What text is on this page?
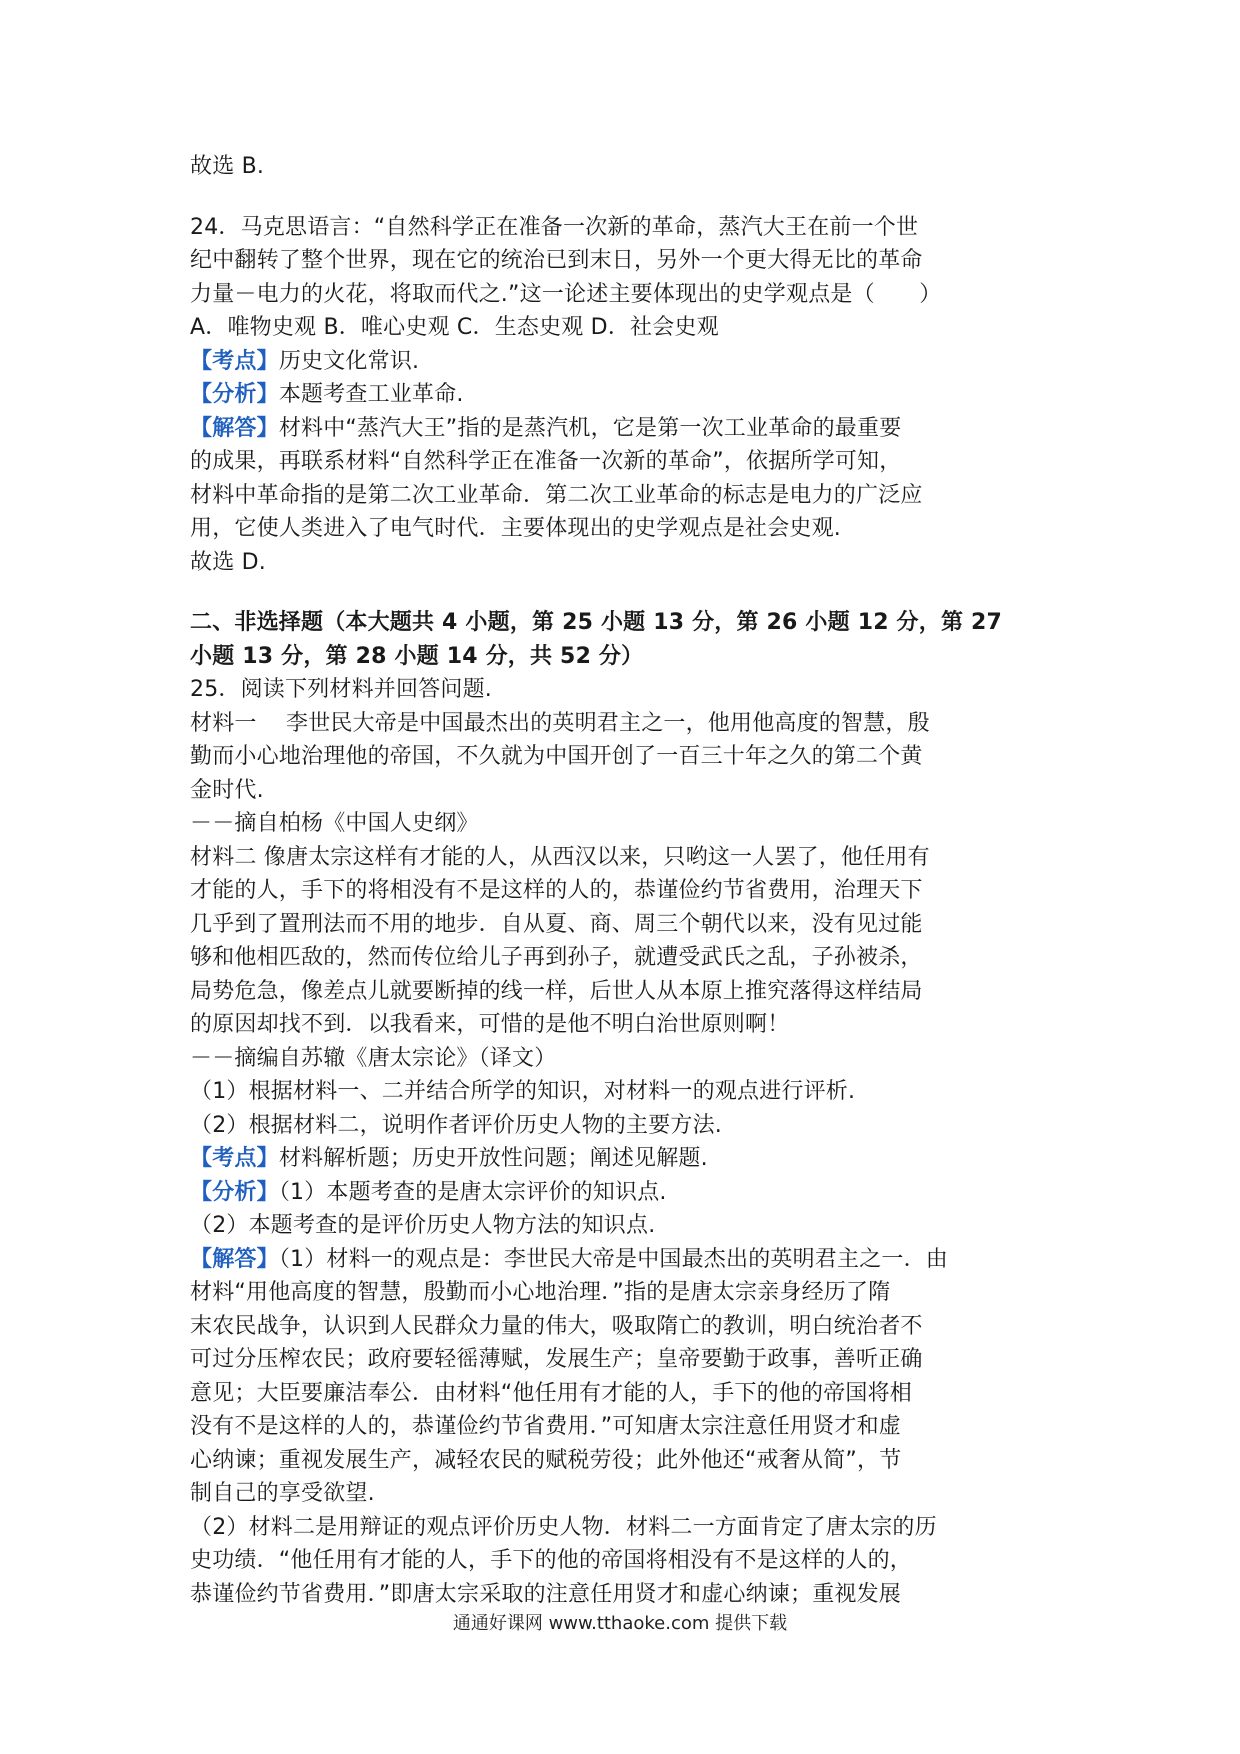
故选 B.
24．马克思语言：“自然科学正在准备一次新的革命，蒸汽大王在前一个世
纪中翻转了整个世界，现在它的统治已到末日，另外一个更大得无比的革命
力量－电力的火花，将取而代之.”这一论述主要体现出的史学观点是（　　）
A．唯物史观 B．唯心史观 C．生态史观 D．社会史观
【考点】历史文化常识.
【分析】本题考查工业革命.
【解答】材料中“蒸汽大王”指的是蒸汽机，它是第一次工业革命的最重要
的成果，再联系材料“自然科学正在准备一次新的革命”，依据所学可知，
材料中革命指的是第二次工业革命．第二次工业革命的标志是电力的广泛应
用，它使人类进入了电气时代．主要体现出的史学观点是社会史观.
故选 D.
二、非选择题（本大题共 4 小题，第 25 小题 13 分，第 26 小题 12 分，第 27
小题 13 分，第 28 小题 14 分，共 52 分）
25．阅读下列材料并回答问题.
材料一　 李世民大帝是中国最杰出的英明君主之一，他用他高度的智慧，殷
勤而小心地治理他的帝国，不久就为中国开创了一百三十年之久的第二个黄
金时代.
－－摘自柏杨《中国人史纲》
材料二 像唐太宗这样有才能的人，从西汉以来，只哟这一人罢了，他任用有
才能的人，手下的将相没有不是这样的人的，恭谨俭约节省费用，治理天下
几乎到了置刑法而不用的地步．自从夏、商、周三个朝代以来，没有见过能
够和他相匹敌的，然而传位给儿子再到孙子，就遭受武氏之乱，子孙被杀，
局势危急，像差点儿就要断掉的线一样，后世人从本原上推究落得这样结局
的原因却找不到．以我看来，可惜的是他不明白治世原则啊！
－－摘编自苏辙《唐太宗论》（译文）
（1）根据材料一、二并结合所学的知识，对材料一的观点进行评析.
（2）根据材料二，说明作者评价历史人物的主要方法.
【考点】材料解析题；历史开放性问题；阐述见解题.
【分析】（1）本题考查的是唐太宗评价的知识点.
（2）本题考查的是评价历史人物方法的知识点.
【解答】（1）材料一的观点是：李世民大帝是中国最杰出的英明君主之一．由
材料“用他高度的智慧，殷勤而小心地治理．”指的是唐太宗亲身经历了隋
末农民战争，认识到人民群众力量的伟大，吸取隋亡的教训，明白统治者不
可过分压榨农民；政府要轻徭薄赋，发展生产；皇帝要勤于政事，善听正确
意见；大臣要廉洁奉公．由材料“他任用有才能的人，手下的他的帝国将相
没有不是这样的人的，恭谨俭约节省费用．”可知唐太宗注意任用贤才和虚
心纳谏；重视发展生产，减轻农民的赋税劳役；此外他还“戒奢从简”，节
制自己的享受欲望.
（2）材料二是用辩证的观点评价历史人物．材料二一方面肯定了唐太宗的历
史功绩．“他任用有才能的人，手下的他的帝国将相没有不是这样的人的，
恭谨俭约节省费用．”即唐太宗采取的注意任用贤才和虚心纳谏；重视发展
通通好课网 www.tthaoke.com 提供下载
